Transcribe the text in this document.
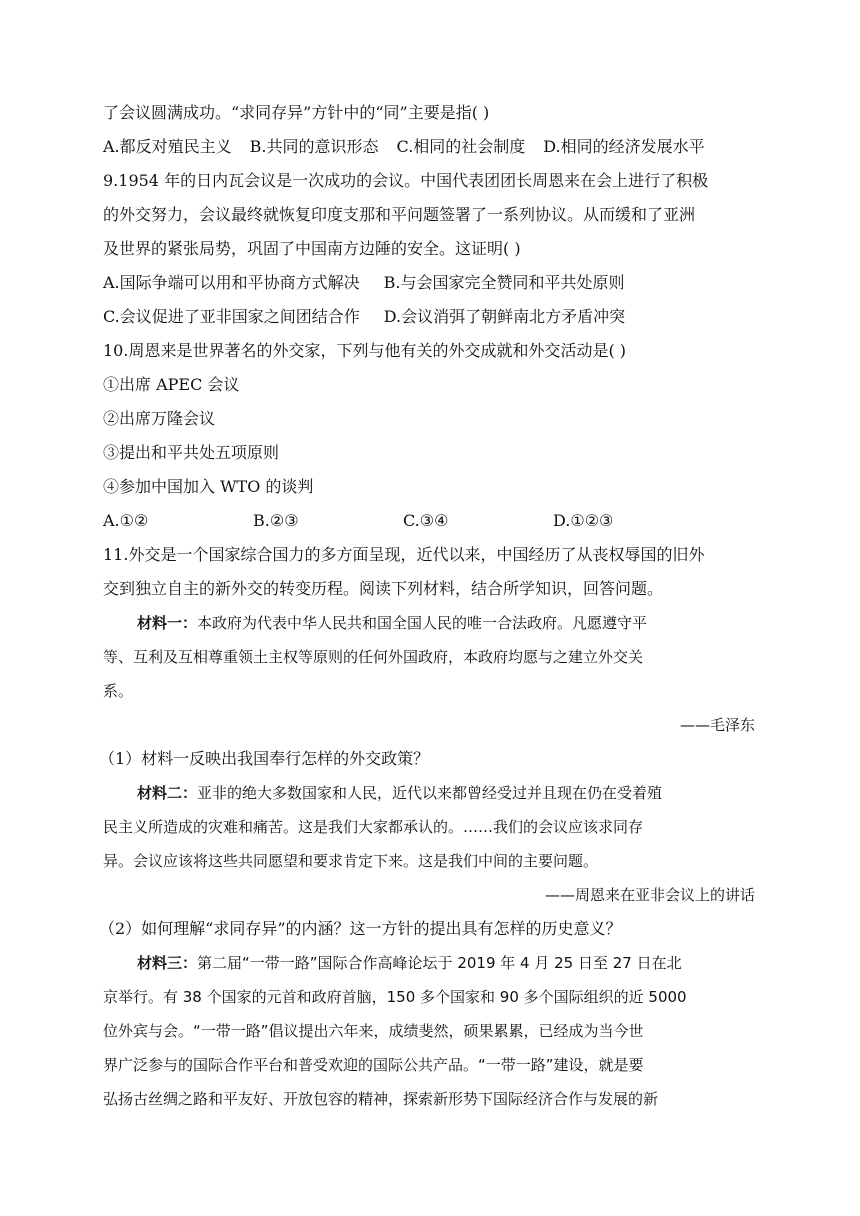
了会议圆满成功。“求同存异”方针中的“同”主要是指( )
A.都反对殖民主义 B.共同的意识形态 C.相同的社会制度 D.相同的经济发展水平
9.1954 年的日内瓦会议是一次成功的会议。中国代表团团长周恩来在会上进行了积极
的外交努力，会议最终就恢复印度支那和平问题签署了一系列协议。从而缓和了亚洲
及世界的紧张局势，巩固了中国南方边陲的安全。这证明( )
A.国际争端可以用和平协商方式解决 B.与会国家完全赞同和平共处原则
C.会议促进了亚非国家之间团结合作 D.会议消弭了朝鲜南北方矛盾冲突
10.周恩来是世界著名的外交家，下列与他有关的外交成就和外交活动是( )
①出席 APEC 会议
②出席万隆会议
③提出和平共处五项原则
④参加中国加入 WTO 的谈判
A.①②	B.②③	C.③④	D.①②③
11.外交是一个国家综合国力的多方面呈现，近代以来，中国经历了从丧权辱国的旧外
交到独立自主的新外交的转变历程。阅读下列材料，结合所学知识，回答问题。
材料一：本政府为代表中华人民共和国全国人民的唯一合法政府。凡愿遵守平
等、互利及互相尊重领土主权等原则的任何外国政府，本政府均愿与之建立外交关
系。
——毛泽东
（1）材料一反映出我国奉行怎样的外交政策？
材料二：亚非的绝大多数国家和人民，近代以来都曾经受过并且现在仍在受着殖
民主义所造成的灾难和痛苦。这是我们大家都承认的。……我们的会议应该求同存
异。会议应该将这些共同愿望和要求肯定下来。这是我们中间的主要问题。
——周恩来在亚非会议上的讲话
（2）如何理解“求同存异”的内涵？这一方针的提出具有怎样的历史意义？
材料三：第二届“一带一路”国际合作高峰论坛于 2019 年 4 月 25 日至 27 日在北
京举行。有 38 个国家的元首和政府首脑，150 多个国家和 90 多个国际组织的近 5000
位外宾与会。“一带一路”倡议提出六年来，成绩斐然，硕果累累，已经成为当今世
界广泛参与的国际合作平台和普受欢迎的国际公共产品。“一带一路”建设，就是要
弘扬古丝绸之路和平友好、开放包容的精神，探索新形势下国际经济合作与发展的新
